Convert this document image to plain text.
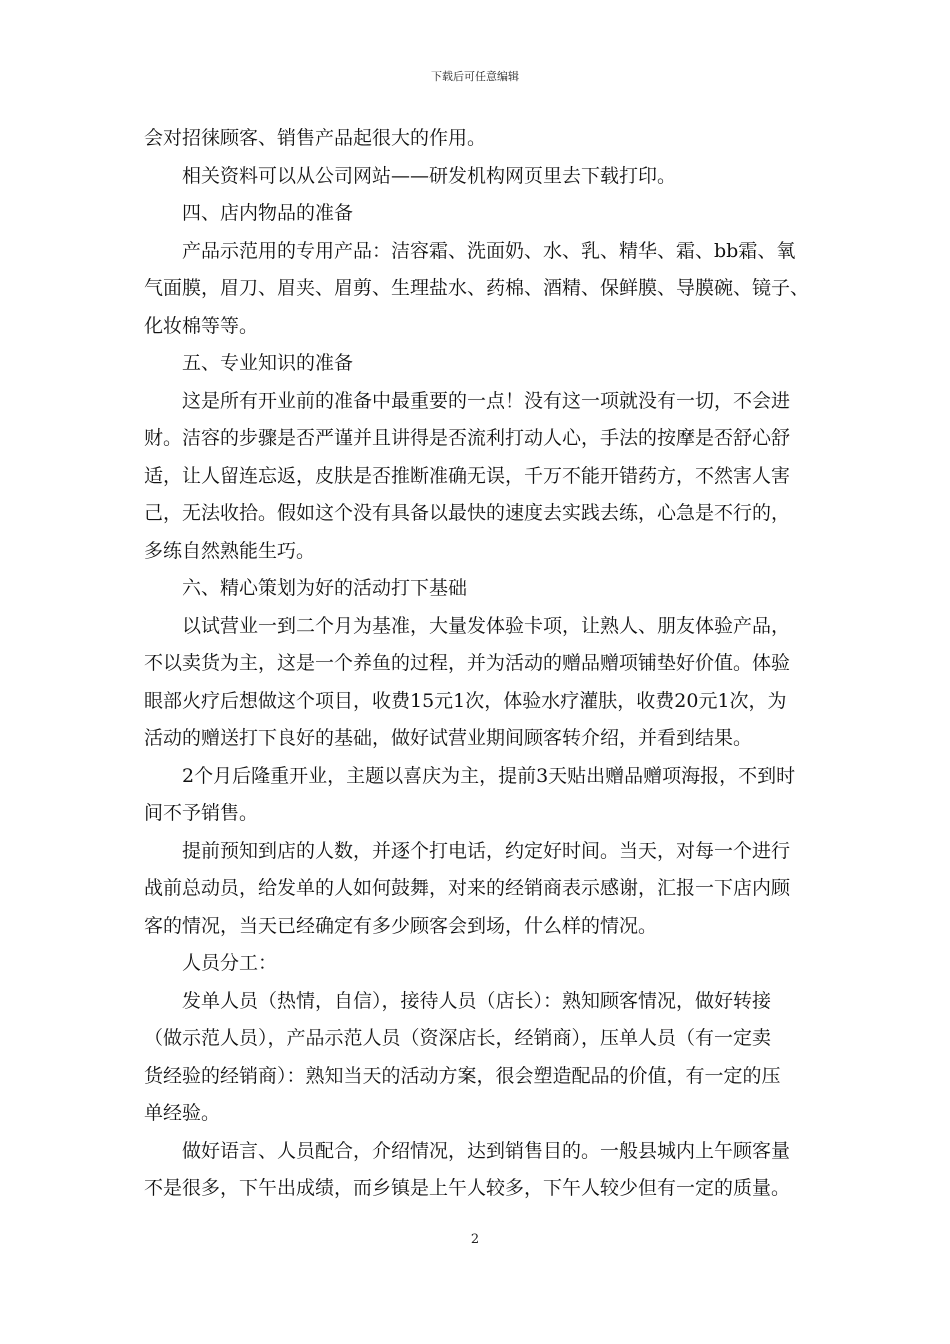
下载后可任意编辑
会对招徕顾客、销售产品起很大的作用。
相关资料可以从公司网站——研发机构网页里去下载打印。
四、店内物品的准备
产品示范用的专用产品：洁容霜、洗面奶、水、乳、精华、霜、bb霜、氧
气面膜，眉刀、眉夹、眉剪、生理盐水、药棉、酒精、保鲜膜、导膜碗、镜子、
化妆棉等等。
五、专业知识的准备
这是所有开业前的准备中最重要的一点！没有这一项就没有一切，不会进
财。洁容的步骤是否严谨并且讲得是否流利打动人心，手法的按摩是否舒心舒
适，让人留连忘返，皮肤是否推断准确无误，千万不能开错药方，不然害人害
己，无法收拾。假如这个没有具备以最快的速度去实践去练，心急是不行的，
多练自然熟能生巧。
六、精心策划为好的活动打下基础
以试营业一到二个月为基准，大量发体验卡项，让熟人、朋友体验产品，
不以卖货为主，这是一个养鱼的过程，并为活动的赠品赠项铺垫好价值。体验
眼部火疗后想做这个项目，收费15元1次，体验水疗灌肤，收费20元1次，为
活动的赠送打下良好的基础，做好试营业期间顾客转介绍，并看到结果。
2个月后隆重开业，主题以喜庆为主，提前3天贴出赠品赠项海报，不到时
间不予销售。
提前预知到店的人数，并逐个打电话，约定好时间。当天，对每一个进行
战前总动员，给发单的人如何鼓舞，对来的经销商表示感谢，汇报一下店内顾
客的情况，当天已经确定有多少顾客会到场，什么样的情况。
人员分工：
发单人员（热情，自信），接待人员（店长）：熟知顾客情况，做好转接
（做示范人员），产品示范人员（资深店长，经销商），压单人员（有一定卖
货经验的经销商）：熟知当天的活动方案，很会塑造配品的价值，有一定的压
单经验。
做好语言、人员配合，介绍情况，达到销售目的。一般县城内上午顾客量
不是很多，下午出成绩，而乡镇是上午人较多，下午人较少但有一定的质量。
2
